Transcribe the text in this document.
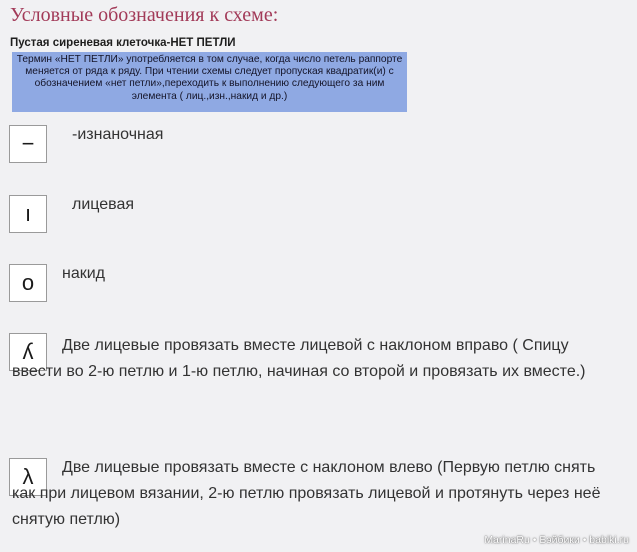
Условные обозначения к схеме:
Пустая сиреневая клеточка-НЕТ ПЕТЛИ
Термин «НЕТ ПЕТЛИ» употребляется в том случае, когда число петель раппорте меняется от ряда к ряду. При чтении схемы следует пропуская квадратик(и) с обозначением «нет петли»,переходить к выполнению следующего за ним элемента ( лиц.,изн.,накид и др.)
− -изнаночная
ı	лицевая
o накид
ʎ	Две лицевые провязать вместе лицевой с наклоном вправо ( Спицу ввести во 2-ю петлю и 1-ю петлю, начиная со второй и провязать их вместе.)
λ	Две лицевые провязать вместе с наклоном влево (Первую петлю снять как при лицевом вязании, 2-ю петлю провязать лицевой и протянуть через неё снятую петлю)
MarinaRu • Бэйбики • babiki.ru
